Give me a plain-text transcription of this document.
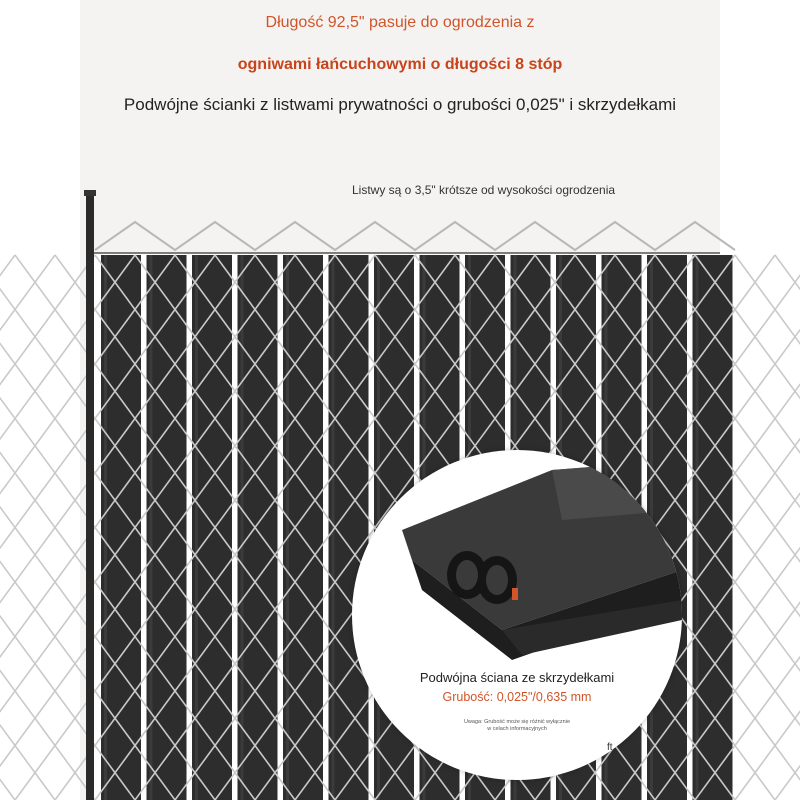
Długość 92,5" pasuje do ogrodzenia z

ogniwami łańcuchowymi o długości 8 stóp

Podwójne ścianki z listwami prywatności o grubości 0,025" i skrzydełkami

Listwy są o 3,5" krótsze od wysokości ogrodzenia

ft

Podwójna ściana ze skrzydełkami

Grubość: 0,025"/0,635 mm

Uwaga: Grubość może się różnić wyłącznie
w celach informacyjnych
